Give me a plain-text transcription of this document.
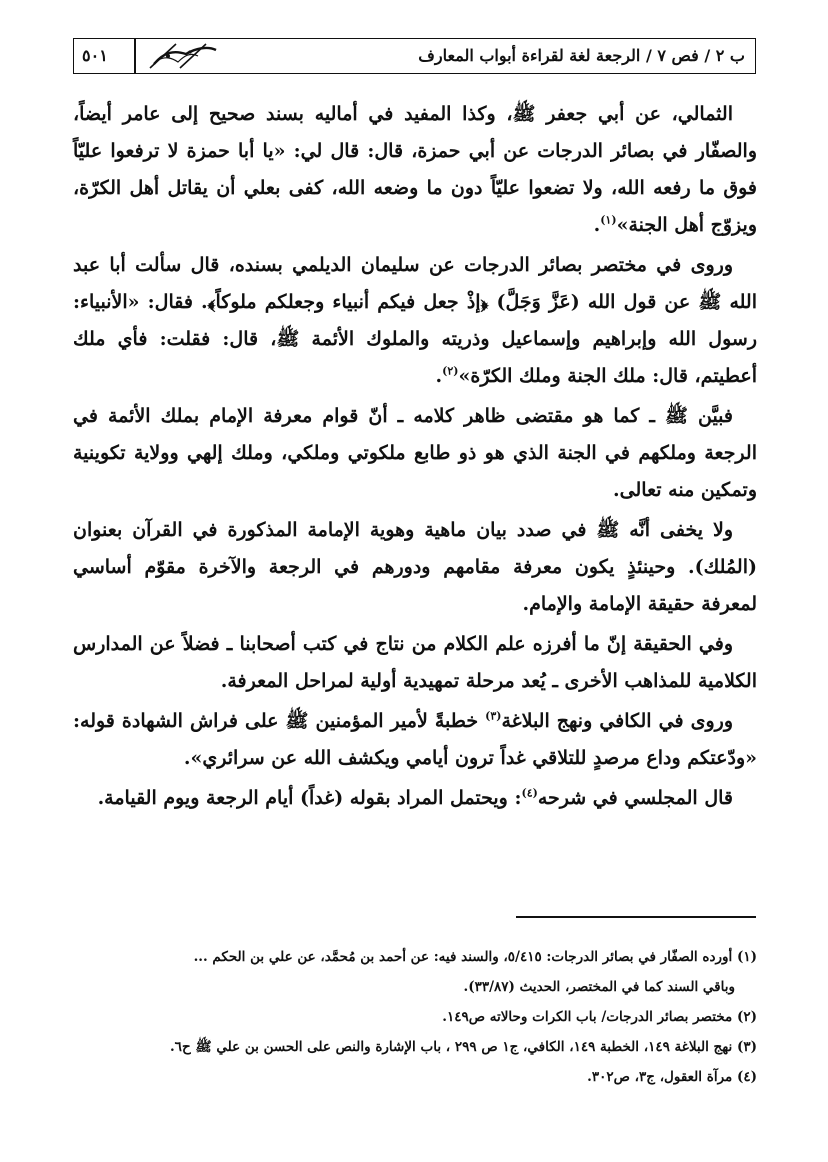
ب ٢ / فص ٧ / الرجعة لغة لقراءة أبواب المعارف
٥٠١

الثمالي، عن أبي جعفر ﷺ، وكذا المفيد في أماليه بسند صحيح إلى عامر أيضاً، والصفّار في بصائر الدرجات عن أبي حمزة، قال: قال لي: «يا أبا حمزة لا ترفعوا عليّاً فوق ما رفعه الله، ولا تضعوا عليّاً دون ما وضعه الله، كفى بعلي أن يقاتل أهل الكرّة، ويزوّج أهل الجنة»$^{(١)}$.

وروى في مختصر بصائر الدرجات عن سليمان الديلمي بسنده، قال سألت أبا عبد الله ﷺ عن قول الله (عَزَّ وَجَلَّ) ﴿إذْ جعل فيكم أنبياء وجعلكم ملوكاً﴾. فقال: «الأنبياء: رسول الله وإبراهيم وإسماعيل وذريته والملوك الأئمة ﷺ، قال: فقلت: فأي ملك أعطيتم، قال: ملك الجنة وملك الكرّة»$^{(٢)}$.

فبيَّن ﷺ ـ كما هو مقتضى ظاهر كلامه ـ أنّ قوام معرفة الإمام بملك الأئمة في الرجعة وملكهم في الجنة الذي هو ذو طابع ملكوتي وملكي، وملك إلهي وولاية تكوينية وتمكين منه تعالى.

ولا يخفى أنَّه ﷺ في صدد بيان ماهية وهوية الإمامة المذكورة في القرآن بعنوان (المُلك). وحينئذٍ يكون معرفة مقامهم ودورهم في الرجعة والآخرة مقوّم أساسي لمعرفة حقيقة الإمامة والإمام.

وفي الحقيقة إنّ ما أفرزه علم الكلام من نتاج في كتب أصحابنا ـ فضلاً عن المدارس الكلامية للمذاهب الأخرى ـ يُعد مرحلة تمهيدية أولية لمراحل المعرفة.

وروى في الكافي ونهج البلاغة$^{(٣)}$ خطبةً لأمير المؤمنين ﷺ على فراش الشهادة قوله: «ودّعتكم وداع مرصدٍ للتلاقي غداً ترون أيامي ويكشف الله عن سرائري».

قال المجلسي في شرحه$^{(٤)}$: ويحتمل المراد بقوله (غداً) أيام الرجعة ويوم القيامة.

(١) أورده الصفّار في بصائر الدرجات: ٥/٤١٥، والسند فيه: عن أحمد بن مُحمَّد، عن علي بن الحكم ...

وباقي السند كما في المختصر، الحديث (٣٣/٨٧).

(٢) مختصر بصائر الدرجات/ باب الكرات وحالاته ص١٤٩.

(٣) نهج البلاغة ١٤٩، الخطبة ١٤٩، الكافي، ج١ ص ٢٩٩ ، باب الإشارة والنص على الحسن بن علي ﷺ ح٦.

(٤) مرآة العقول، ج٣، ص٣٠٢.
